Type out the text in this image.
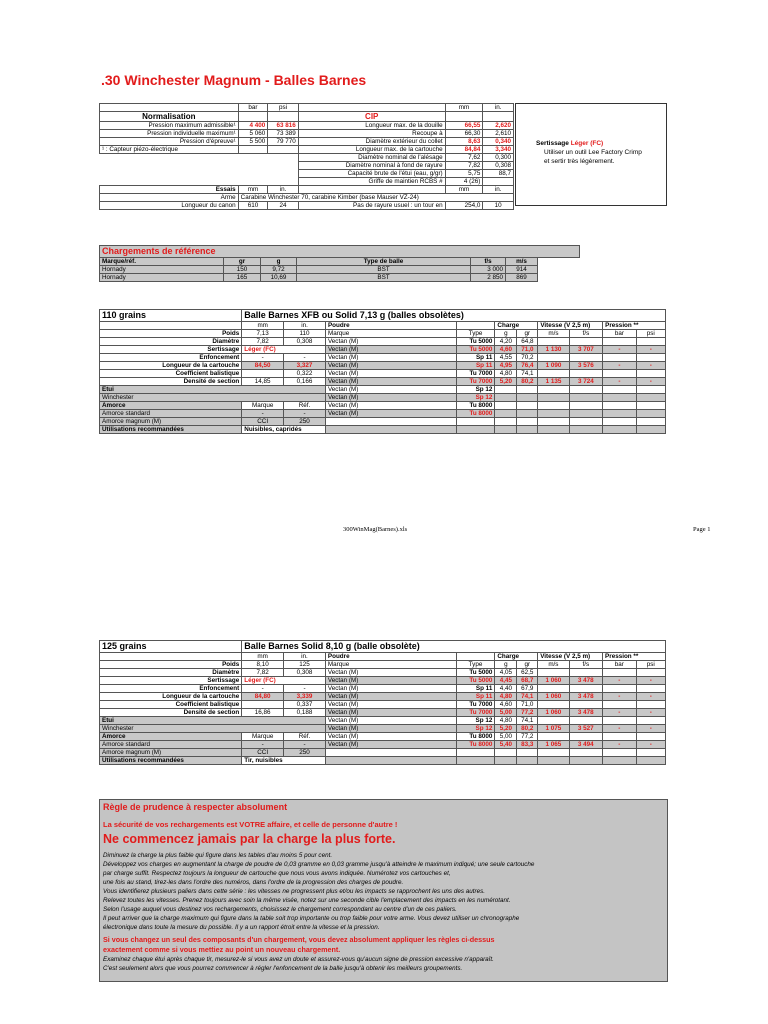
.30 Winchester Magnum - Balles Barnes
	bar	psi		mm	in.
Normalisation			CIP		
Pression maximum admissible¹	4 400	63 816	Longueur max. de la douille	66,55	2,620
Pression individuelle maximum¹	5 060	73 389	Recoupe à	66,30	2,610
Pression d'épreuve¹	5 500	79 770	Diamètre extérieur du collet	8,63	0,340
¹ : Capteur piézo-électrique			Longueur max. de la cartouche	84,84	3,340
			Diamètre nominal de l'alésage	7,62	0,300
			Diamètre nominal à fond de rayure	7,82	0,308
			Capacité brute de l'étui (eau, g/gr)	5,75	88,7
			Griffe de maintien RCBS #	4 (26)	
Essais	mm	in.		mm	in.
Arme	Carabine Winchester 70, carabine Kimber (base Mauser VZ-24)				
Longueur du canon	610	24	Pas de rayure usuel : un tour en	254,0	10
Sertissage Léger (FC)
Utiliser un outil Lee Factory Crimp
et sertir très légèrement.
Chargements de référence						
Marque/réf.	gr	g	Type de balle	f/s	m/s	
Hornady	150	9,72	BST	3 000	914	
Hornady	165	10,69	BST	2 850	869	
110 grains	Balle Barnes XFB ou Solid 7,13 g (balles obsolètes)									
	mm	in.	Poudre		Charge		Vitesse (V 2,5 m)		Pression **	
Poids	7,13	110	Marque	Type	g	gr	m/s	f/s	bar	psi
Diamètre	7,82	0,308	Vectan (M)	Tu 5000	4,20	64,8				
Sertissage	Léger (FC)		Vectan (M)	Tu 5000	4,60	71,0	1 130	3 707	-	-
Enfoncement	-	-	Vectan (M)	Sp 11	4,55	70,2				
Longueur de la cartouche	84,50	3,327	Vectan (M)	Sp 11	4,95	76,4	1 090	3 576	-	-
Coefficient balistique		0,322	Vectan (M)	Tu 7000	4,80	74,1				
Densité de section	14,85	0,166	Vectan (M)	Tu 7000	5,20	80,2	1 135	3 724	-	-
Etui			Vectan (M)	Sp 12						
Winchester			Vectan (M)	Sp 12						
Amorce	Marque	Réf.	Vectan (M)	Tu 8000						
Amorce standard	-	-	Vectan (M)	Tu 8000						
Amorce magnum (M)	CCI	250								
Utilisations recommandées	Nuisibles, capridés									
300WinMag(Barnes).xls	Page 1
125 grains	Balle Barnes Solid 8,10 g (balle obsolète)									
	mm	in.	Poudre		Charge		Vitesse (V 2,5 m)		Pression **	
Poids	8,10	125	Marque	Type	g	gr	m/s	f/s	bar	psi
Diamètre	7,82	0,308	Vectan (M)	Tu 5000	4,05	62,5				
Sertissage	Léger (FC)		Vectan (M)	Tu 5000	4,45	68,7	1 060	3 478	-	-
Enfoncement	-	-	Vectan (M)	Sp 11	4,40	67,9				
Longueur de la cartouche	84,80	3,339	Vectan (M)	Sp 11	4,80	74,1	1 060	3 478	-	-
Coefficient balistique		0,337	Vectan (M)	Tu 7000	4,60	71,0				
Densité de section	16,86	0,188	Vectan (M)	Tu 7000	5,00	77,2	1 060	3 478	-	-
Etui			Vectan (M)	Sp 12	4,80	74,1				
Winchester			Vectan (M)	Sp 12	5,20	80,2	1 075	3 527	-	-
Amorce	Marque	Réf.	Vectan (M)	Tu 8000	5,00	77,2				
Amorce standard	-	-	Vectan (M)	Tu 8000	5,40	83,3	1 065	3 494	-	-
Amorce magnum (M)	CCI	250								
Utilisations recommandées	Tir, nuisibles									
Règle de prudence à respecter absolument
La sécurité de vos rechargements est VOTRE affaire, et celle de personne d'autre !
Ne commencez jamais par la charge la plus forte.
Diminuez la charge la plus faible qui figure dans les tables d'au moins 5 pour cent.
Développez vos charges en augmentant la charge de poudre de 0,03 gramme en 0,03 gramme jusqu'à atteindre le maximum indiqué; une seule cartouche
par charge suffit. Respectez toujours la longueur de cartouche que nous vous avons indiquée. Numérotez vos cartouches et,
une fois au stand, tirez-les dans l'ordre des numéros, dans l'ordre de la progression des charges de poudre.
Vous identifierez plusieurs paliers dans cette série : les vitesses ne progressent plus et/ou les impacts se rapprochent les uns des autres.
Relevez toutes les vitesses. Prenez toujours avec soin la même visée, notez sur une seconde cible l'emplacement des impacts en les numérotant.
Selon l'usage auquel vous destinez vos rechargements, choisissez le chargement correspondant au centre d'un de ces paliers.
Il peut arriver que la charge maximum qui figure dans la table soit trop importante ou trop faible pour votre arme. Vous devez utiliser un chronographe
électronique dans toute la mesure du possible. Il y a un rapport étroit entre la vitesse et la pression.
Si vous changez un seul des composants d'un chargement, vous devez absolument appliquer les règles ci-dessus
exactement comme si vous mettiez au point un nouveau chargement.
Examinez chaque étui après chaque tir, mesurez-le si vous avez un doute et assurez-vous qu'aucun signe de pression excessive n'apparaît.
C'est seulement alors que vous pourrez commencer à régler l'enfoncement de la balle jusqu'à obtenir les meilleurs groupements.
